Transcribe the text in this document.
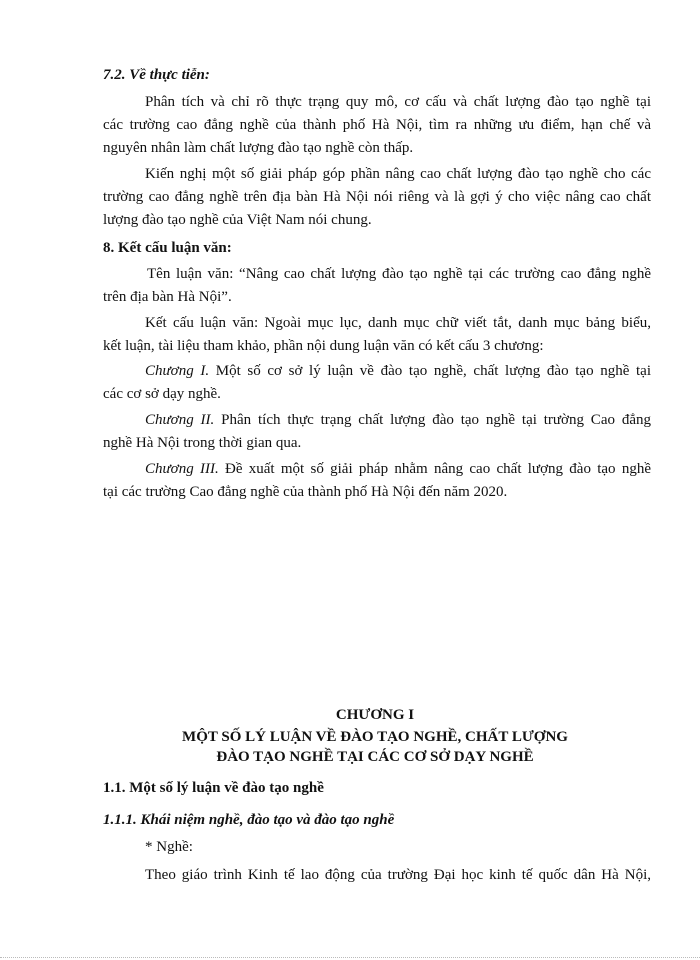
7.2. Về thực tiễn:

Phân tích và chỉ rõ thực trạng quy mô, cơ cấu và chất lượng đào tạo nghề tại

các trường cao đẳng nghề của thành phố Hà Nội, tìm ra những ưu điểm, hạn chế và

nguyên nhân làm chất lượng đào tạo nghề còn thấp.

Kiến nghị một số giải pháp góp phần nâng cao chất lượng đào tạo nghề cho các

trường cao đẳng nghề trên địa bàn Hà Nội nói riêng và là gợi ý cho việc nâng cao chất

lượng đào tạo nghề của Việt Nam nói chung.

8. Kết cấu luận văn:

Tên luận văn: “Nâng cao chất lượng đào tạo nghề tại các trường cao đẳng nghề

trên địa bàn Hà Nội”.

Kết cấu luận văn: Ngoài mục lục, danh mục chữ viết tắt, danh mục bảng biểu,

kết luận, tài liệu tham khảo, phần nội dung luận văn có kết cấu 3 chương:

Chương I. Một số cơ sở lý luận về đào tạo nghề, chất lượng đào tạo nghề tại

các cơ sở dạy nghề.

Chương II. Phân tích thực trạng chất lượng đào tạo nghề tại trường Cao đẳng

nghề Hà Nội trong thời gian qua.

Chương III. Đề xuất một số giải pháp nhằm nâng cao chất lượng đào tạo nghề

tại các trường Cao đẳng nghề của thành phố Hà Nội đến năm 2020.

CHƯƠNG I

MỘT SỐ LÝ LUẬN VỀ ĐÀO TẠO NGHỀ, CHẤT LƯỢNG

ĐÀO TẠO NGHỀ TẠI CÁC CƠ SỞ DẠY NGHỀ

1.1. Một số lý luận về đào tạo nghề

1.1.1. Khái niệm nghề, đào tạo và đào tạo nghề

* Nghề:

Theo giáo trình Kinh tế lao động của trường Đại học kinh tế quốc dân Hà Nội,
